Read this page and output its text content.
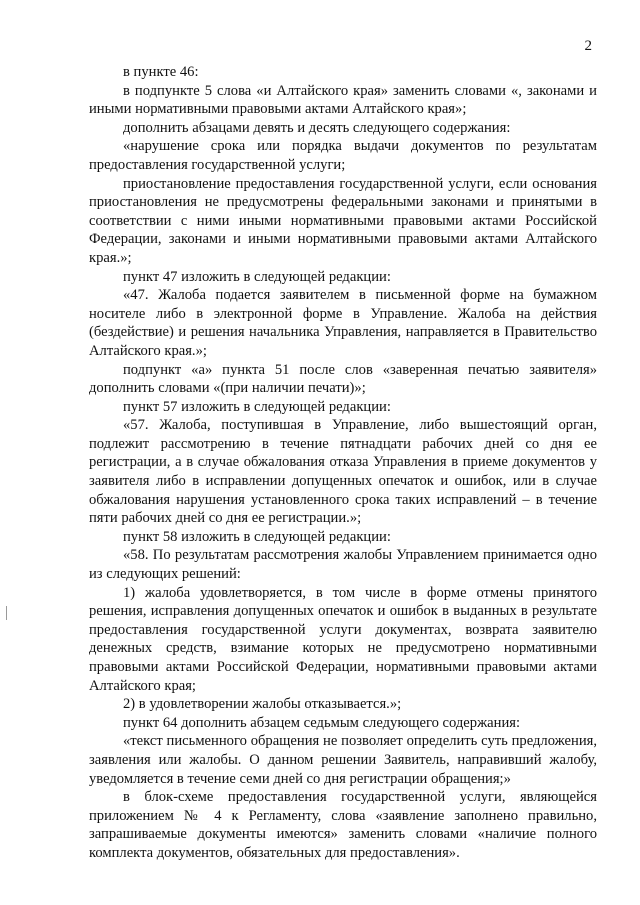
2

в пункте 46:

в подпункте 5 слова «и Алтайского края» заменить словами «, законами и иными нормативными правовыми актами Алтайского края»;

дополнить абзацами девять и десять следующего содержания:

«нарушение срока или порядка выдачи документов по результатам предоставления государственной услуги;

приостановление предоставления государственной услуги, если основания приостановления не предусмотрены федеральными законами и принятыми в соответствии с ними иными нормативными правовыми актами Российской Федерации, законами и иными нормативными правовыми актами Алтайского края.»;

пункт 47 изложить в следующей редакции:

«47. Жалоба подается заявителем в письменной форме на бумажном носителе либо в электронной форме в Управление. Жалоба на действия (бездействие) и решения начальника Управления, направляется в Правительство Алтайского края.»;

подпункт «а» пункта 51 после слов «заверенная печатью заявителя» дополнить словами «(при наличии печати)»;

пункт 57 изложить в следующей редакции:

«57. Жалоба, поступившая в Управление, либо вышестоящий орган, подлежит рассмотрению в течение пятнадцати рабочих дней со дня ее регистрации, а в случае обжалования отказа Управления в приеме документов у заявителя либо в исправлении допущенных опечаток и ошибок, или в случае обжалования нарушения установленного срока таких исправлений – в течение пяти рабочих дней со дня ее регистрации.»;

пункт 58 изложить в следующей редакции:

«58. По результатам рассмотрения жалобы Управлением принимается одно из следующих решений:

1) жалоба удовлетворяется, в том числе в форме отмены принятого решения, исправления допущенных опечаток и ошибок в выданных в результате предоставления государственной услуги документах, возврата заявителю денежных средств, взимание которых не предусмотрено нормативными правовыми актами Российской Федерации, нормативными правовыми актами Алтайского края;

2) в удовлетворении жалобы отказывается.»;

пункт 64 дополнить абзацем седьмым следующего содержания:

«текст письменного обращения не позволяет определить суть предложения, заявления или жалобы. О данном решении Заявитель, направивший жалобу, уведомляется в течение семи дней со дня регистрации обращения;»

в блок-схеме предоставления государственной услуги, являющейся приложением № 4 к Регламенту, слова «заявление заполнено правильно, запрашиваемые документы имеются» заменить словами «наличие полного комплекта документов, обязательных для предоставления».
